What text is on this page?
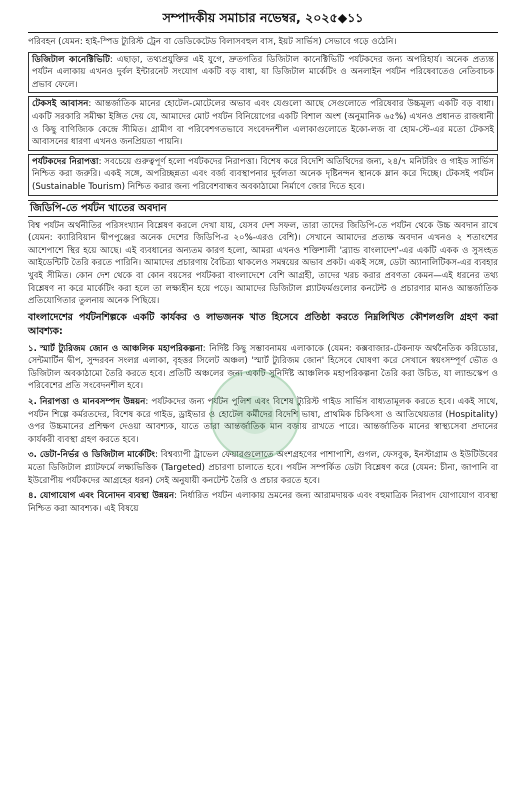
সম্পাদকীয় সমাচার নভেম্বর, ২০২৫◆১১

পরিবহন (যেমন: হাই-স্পিড ট্যুরিস্ট ট্রেন বা ডেডিকেটেড বিলাসবহুল বাস, ইয়ট সার্ভিস) সেভাবে গড়ে ওঠেনি।

ডিজিটাল কানেক্টিভিটি: এছাড়া, তথ্যপ্রযুক্তির এই যুগে, দ্রুতগতির ডিজিটাল কানেক্টিভিটি পর্যটকদের জন্য অপরিহার্য। অনেক প্রত্যন্ত পর্যটন এলাকায় এখনও দুর্বল ইন্টারনেট সংযোগ একটি বড় বাধা, যা ডিজিটাল মার্কেটিং ও অনলাইন পর্যটন পরিষেবাতেও নেতিবাচক প্রভাব ফেলে।

টেকসই আবাসন: আন্তর্জাতিক মানের হোটেল-মোটেলের অভাব এবং যেগুলো আছে সেগুলোতে পরিষেবার উচ্চমূল্য একটি বড় বাধা। একটি সরকারি সমীক্ষা ইঙ্গিত দেয় যে, আমাদের মোট পর্যটন বিনিয়োগের একটি বিশাল অংশ (অনুমানিক ৬৫%) এখনও প্রধানত রাজধানী ও কিছু বাণিজ্যিক কেন্দ্রে সীমিত। গ্রামীণ বা পরিবেশগতভাবে সংবেদনশীল এলাকাগুলোতে ইকো-লজ বা হোম-স্টে-এর মতো টেকসই আবাসনের ধারণা এখনও জনপ্রিয়তা পায়নি।

পর্যটকদের নিরাপত্তা: সবচেয়ে গুরুত্বপূর্ণ হলো পর্যটকদের নিরাপত্তা। বিশেষ করে বিদেশি অতিথিদের জন্য, ২৪/৭ মনিটরিং ও গাইড সার্ভিস নিশ্চিত করা জরুরি। একই সঙ্গে, অপরিচ্ছন্নতা এবং বর্জ্য ব্যবস্থাপনার দুর্বলতা অনেক দৃষ্টিনন্দন স্থানকে ম্লান করে দিচ্ছে। টেকসই পর্যটন (Sustainable Tourism) নিশ্চিত করার জন্য পরিবেশবান্ধব অবকাঠামো নির্মাণে জোর দিতে হবে।

জিডিপি-তে পর্যটন খাতের অবদান

বিশ্ব পর্যটন অর্থনীতির পরিসংখ্যান বিশ্লেষণ করলে দেখা যায়, যেসব দেশ সফল, তারা তাদের জিডিপি-তে পর্যটন থেকে উচ্চ অবদান রাখে (যেমন: ক্যারিবিয়ান দ্বীপপুঞ্জের অনেক দেশের জিডিপি-র ২০%-এরও বেশি)। সেখানে আমাদের প্রত্যক্ষ অবদান এখনও ২ শতাংশের আশেপাশে স্থির হয়ে আছে। এই ব্যবধানের অন্যতম কারণ হলো, আমরা এখনও শক্তিশালী 'ব্র্যান্ড বাংলাদেশ'-এর একটি একক ও সুসংহত আইডেন্টিটি তৈরি করতে পারিনি। আমাদের প্রচারণায় বৈচিত্র্য থাকলেও সমন্বয়ের অভাব প্রকট। একই সঙ্গে, ডেটা অ্যানালিটিকস-এর ব্যবহার খুবই সীমিত। কোন দেশ থেকে বা কোন বয়সের পর্যটকরা বাংলাদেশে বেশি আগ্রহী, তাদের খরচ করার প্রবণতা কেমন—এই ধরনের তথ্য বিশ্লেষণ না করে মার্কেটিং করা হলে তা লক্ষ্যহীন হয়ে পড়ে। আমাদের ডিজিটাল প্ল্যাটফর্মগুলোর কনটেন্ট ও প্রচারণার মানও আন্তর্জাতিক প্রতিযোগিতার তুলনায় অনেক পিছিয়ে।

বাংলাদেশের পর্যটনশিল্পকে একটি কার্যকর ও লাভজনক খাত হিসেবে প্রতিষ্ঠা করতে নিম্নলিখিত কৌশলগুলি গ্রহণ করা আবশ্যক:

১. স্মার্ট ট্যুরিজম জোন ও আঞ্চলিক মহাপরিকল্পনা: নির্দিষ্ট কিছু সম্ভাবনাময় এলাকাকে (যেমন: কক্সবাজার-টেকনাফ অর্থনৈতিক করিডোর, সেন্টমার্টিন দ্বীপ, সুন্দরবন সংলগ্ন এলাকা, বৃহত্তর সিলেট অঞ্চল) 'স্মার্ট ট্যুরিজম জোন' হিসেবে ঘোষণা করে সেখানে স্বয়ংসম্পূর্ণ ভৌত ও ডিজিটাল অবকাঠামো তৈরি করতে হবে। প্রতিটি অঞ্চলের জন্য একটি সুনির্দিষ্ট আঞ্চলিক মহাপরিকল্পনা তৈরি করা উচিত, যা ল্যান্ডস্কেপ ও পরিবেশের প্রতি সংবেদনশীল হবে।

২. নিরাপত্তা ও মানবসম্পদ উন্নয়ন: পর্যটকদের জন্য পর্যটন পুলিশ এবং বিশেষ ট্যুরিস্ট গাইড সার্ভিস বাধ্যতামূলক করতে হবে। একই সাথে, পর্যটন শিল্পে কর্মরতদের, বিশেষ করে গাইড, ড্রাইভার ও হোটেল কর্মীদের বিদেশি ভাষা, প্রাথমিক চিকিৎসা ও আতিথেয়তার (Hospitality) ওপর উচ্চমানের প্রশিক্ষণ দেওয়া আবশ্যক, যাতে তারা আন্তর্জাতিক মান বজায় রাখতে পারে। আন্তর্জাতিক মানের স্বাস্থ্যসেবা প্রদানের কার্যকরী ব্যবস্থা গ্রহণ করতে হবে।

৩. ডেটা-নির্ভর ও ডিজিটাল মার্কেটিং: বিশ্বব্যাপী ট্রাভেল ফেয়ারগুলোতে অংশগ্রহণের পাশাপাশি, গুগল, ফেসবুক, ইনস্টাগ্রাম ও ইউটিউবের মতো ডিজিটাল প্ল্যাটফর্মে লক্ষ্যভিত্তিক (Targeted) প্রচারণা চালাতে হবে। পর্যটন সম্পর্কিত ডেটা বিশ্লেষণ করে (যেমন: চীনা, জাপানি বা ইউরোপীয় পর্যটকদের আগ্রহের ধরন) সেই অনুযায়ী কনটেন্ট তৈরি ও প্রচার করতে হবে।

৪. যোগাযোগ এবং বিনোদন ব্যবস্থা উন্নয়ন: নির্ধারিত পর্যটন এলাকায় ভ্রমনের জন্য আরামদায়ক এবং বহুমাত্রিক নিরাপদ যোগাযোগ ব্যবস্থা নিশ্চিত করা আবশ্যক। এই বিষয়ে
